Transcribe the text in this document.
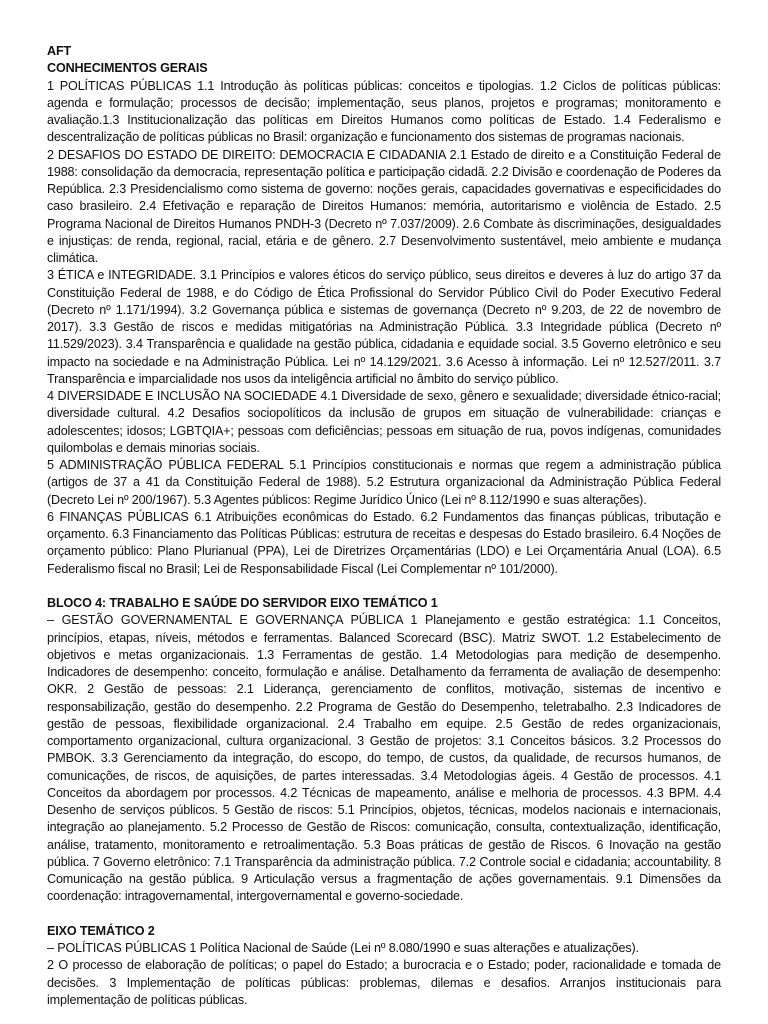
AFT

CONHECIMENTOS GERAIS

1 POLÍTICAS PÚBLICAS 1.1 Introdução às políticas públicas: conceitos e tipologias. 1.2 Ciclos de políticas públicas: agenda e formulação; processos de decisão; implementação, seus planos, projetos e programas; monitoramento e avaliação.1.3 Institucionalização das políticas em Direitos Humanos como políticas de Estado. 1.4 Federalismo e descentralização de políticas públicas no Brasil: organização e funcionamento dos sistemas de programas nacionais.

2 DESAFIOS DO ESTADO DE DIREITO: DEMOCRACIA E CIDADANIA 2.1 Estado de direito e a Constituição Federal de 1988: consolidação da democracia, representação política e participação cidadã. 2.2 Divisão e coordenação de Poderes da República. 2.3 Presidencialismo como sistema de governo: noções gerais, capacidades governativas e especificidades do caso brasileiro. 2.4 Efetivação e reparação de Direitos Humanos: memória, autoritarismo e violência de Estado. 2.5 Programa Nacional de Direitos Humanos PNDH-3 (Decreto nº 7.037/2009). 2.6 Combate às discriminações, desigualdades e injustiças: de renda, regional, racial, etária e de gênero. 2.7 Desenvolvimento sustentável, meio ambiente e mudança climática.

3 ÉTICA e INTEGRIDADE. 3.1 Princípios e valores éticos do serviço público, seus direitos e deveres à luz do artigo 37 da Constituição Federal de 1988, e do Código de Ética Profissional do Servidor Público Civil do Poder Executivo Federal (Decreto nº 1.171/1994). 3.2 Governança pública e sistemas de governança (Decreto nº 9.203, de 22 de novembro de 2017). 3.3 Gestão de riscos e medidas mitigatórias na Administração Pública. 3.3 Integridade pública (Decreto nº 11.529/2023). 3.4 Transparência e qualidade na gestão pública, cidadania e equidade social. 3.5 Governo eletrônico e seu impacto na sociedade e na Administração Pública. Lei nº 14.129/2021. 3.6 Acesso à informação. Lei nº 12.527/2011. 3.7 Transparência e imparcialidade nos usos da inteligência artificial no âmbito do serviço público.

4 DIVERSIDADE E INCLUSÃO NA SOCIEDADE 4.1 Diversidade de sexo, gênero e sexualidade; diversidade étnico-racial; diversidade cultural. 4.2 Desafios sociopolíticos da inclusão de grupos em situação de vulnerabilidade: crianças e adolescentes; idosos; LGBTQIA+; pessoas com deficiências; pessoas em situação de rua, povos indígenas, comunidades quilombolas e demais minorias sociais.

5 ADMINISTRAÇÃO PÚBLICA FEDERAL 5.1 Princípios constitucionais e normas que regem a administração pública (artigos de 37 a 41 da Constituição Federal de 1988). 5.2 Estrutura organizacional da Administração Pública Federal (Decreto Lei nº 200/1967). 5.3 Agentes públicos: Regime Jurídico Único (Lei nº 8.112/1990 e suas alterações).

6 FINANÇAS PÚBLICAS 6.1 Atribuições econômicas do Estado. 6.2 Fundamentos das finanças públicas, tributação e orçamento. 6.3 Financiamento das Políticas Públicas: estrutura de receitas e despesas do Estado brasileiro. 6.4 Noções de orçamento público: Plano Plurianual (PPA), Lei de Diretrizes Orçamentárias (LDO) e Lei Orçamentária Anual (LOA). 6.5 Federalismo fiscal no Brasil; Lei de Responsabilidade Fiscal (Lei Complementar nº 101/2000).

BLOCO 4: TRABALHO E SAÚDE DO SERVIDOR EIXO TEMÁTICO 1

– GESTÃO GOVERNAMENTAL E GOVERNANÇA PÚBLICA 1 Planejamento e gestão estratégica: 1.1 Conceitos, princípios, etapas, níveis, métodos e ferramentas. Balanced Scorecard (BSC). Matriz SWOT. 1.2 Estabelecimento de objetivos e metas organizacionais. 1.3 Ferramentas de gestão. 1.4 Metodologias para medição de desempenho. Indicadores de desempenho: conceito, formulação e análise. Detalhamento da ferramenta de avaliação de desempenho: OKR. 2 Gestão de pessoas: 2.1 Liderança, gerenciamento de conflitos, motivação, sistemas de incentivo e responsabilização, gestão do desempenho. 2.2 Programa de Gestão do Desempenho, teletrabalho. 2.3 Indicadores de gestão de pessoas, flexibilidade organizacional. 2.4 Trabalho em equipe. 2.5 Gestão de redes organizacionais, comportamento organizacional, cultura organizacional. 3 Gestão de projetos: 3.1 Conceitos básicos. 3.2 Processos do PMBOK. 3.3 Gerenciamento da integração, do escopo, do tempo, de custos, da qualidade, de recursos humanos, de comunicações, de riscos, de aquisições, de partes interessadas. 3.4 Metodologias ágeis. 4 Gestão de processos. 4.1 Conceitos da abordagem por processos. 4.2 Técnicas de mapeamento, análise e melhoria de processos. 4.3 BPM. 4.4 Desenho de serviços públicos. 5 Gestão de riscos: 5.1 Princípios, objetos, técnicas, modelos nacionais e internacionais, integração ao planejamento. 5.2 Processo de Gestão de Riscos: comunicação, consulta, contextualização, identificação, análise, tratamento, monitoramento e retroalimentação. 5.3 Boas práticas de gestão de Riscos. 6 Inovação na gestão pública. 7 Governo eletrônico: 7.1 Transparência da administração pública. 7.2 Controle social e cidadania; accountability. 8 Comunicação na gestão pública. 9 Articulação versus a fragmentação de ações governamentais. 9.1 Dimensões da coordenação: intragovernamental, intergovernamental e governo-sociedade.

EIXO TEMÁTICO 2

– POLÍTICAS PÚBLICAS 1 Política Nacional de Saúde (Lei nº 8.080/1990 e suas alterações e atualizações).

2 O processo de elaboração de políticas; o papel do Estado; a burocracia e o Estado; poder, racionalidade e tomada de decisões. 3 Implementação de políticas públicas: problemas, dilemas e desafios. Arranjos institucionais para implementação de políticas públicas.
